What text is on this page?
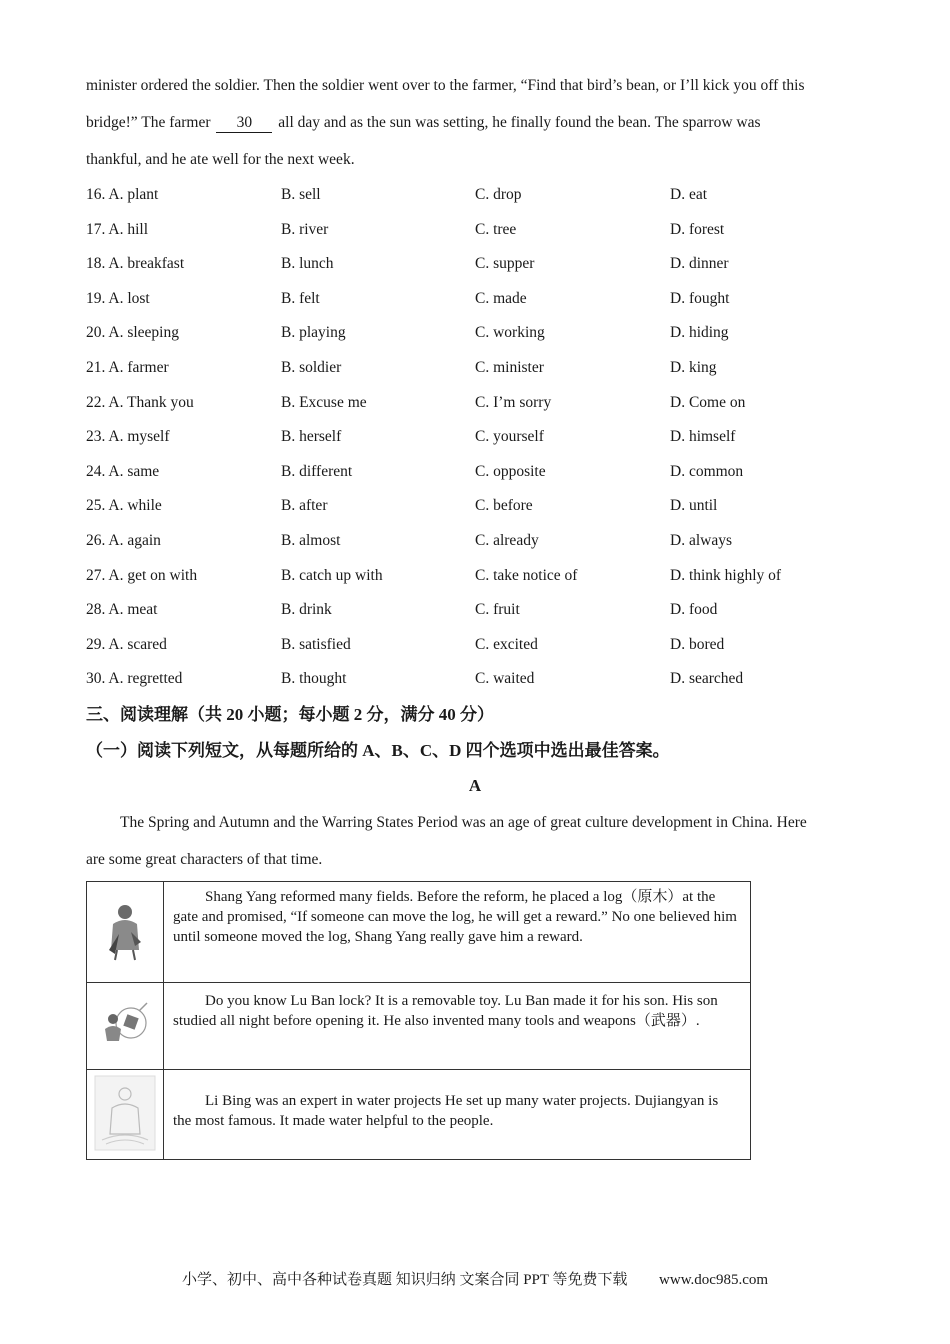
minister ordered the soldier. Then the soldier went over to the farmer, “Find that bird’s bean, or I’ll kick you off this
bridge!” The farmer 30 all day and as the sun was setting, he finally found the bean. The sparrow was
thankful, and he ate well for the next week.
16. A. plant	B. sell	C. drop	D. eat
17. A. hill	B. river	C. tree	D. forest
18. A. breakfast	B. lunch	C. supper	D. dinner
19. A. lost	B. felt	C. made	D. fought
20. A. sleeping	B. playing	C. working	D. hiding
21. A. farmer	B. soldier	C. minister	D. king
22. A. Thank you	B. Excuse me	C. I’m sorry	D. Come on
23. A. myself	B. herself	C. yourself	D. himself
24. A. same	B. different	C. opposite	D. common
25. A. while	B. after	C. before	D. until
26. A. again	B. almost	C. already	D. always
27. A. get on with	B. catch up with	C. take notice of	D. think highly of
28. A. meat	B. drink	C. fruit	D. food
29. A. scared	B. satisfied	C. excited	D. bored
30. A. regretted	B. thought	C. waited	D. searched
三、阅读理解（共 20 小题；每小题 2 分，满分 40 分）
（一）阅读下列短文，从每题所给的 A、B、C、D 四个选项中选出最佳答案。
A
The Spring and Autumn and the Warring States Period was an age of great culture development in China. Here
are some great characters of that time.
	Shang Yang reformed many fields. Before the reform, he placed a log（原木）at the gate and promised, “If someone can move the log, he will get a reward.” No one believed him until someone moved the log, Shang Yang really gave him a reward.

	Do you know Lu Ban lock? It is a removable toy. Lu Ban made it for his son. His son studied all night before opening it. He also invented many tools and weapons（武器）.

	Li Bing was an expert in water projects He set up many water projects. Dujiangyan is the most famous. It made water helpful to the people.
小学、初中、高中各种试卷真题 知识归纳 文案合同 PPT 等免费下载 www.doc985.com
